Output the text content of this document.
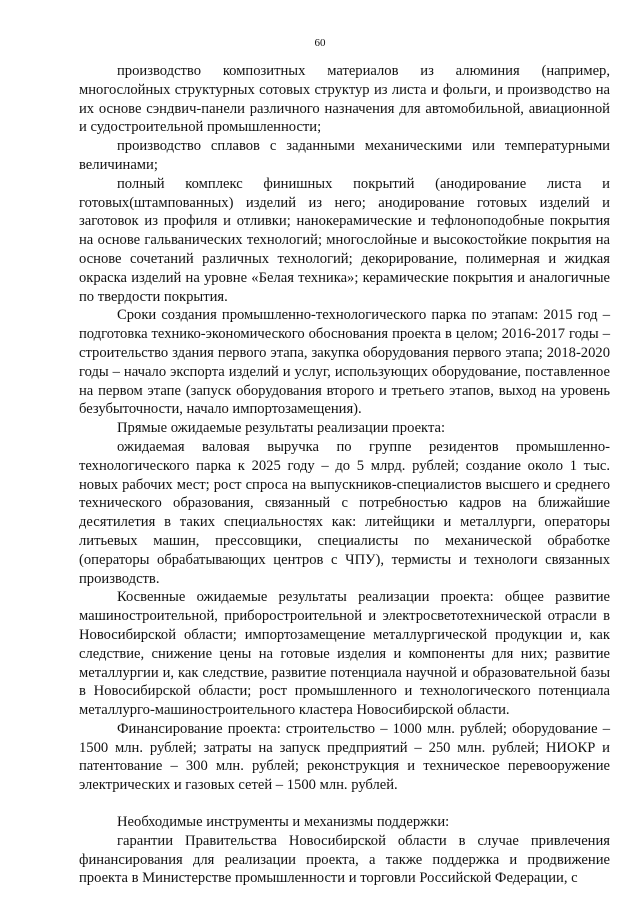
60

производство композитных материалов из алюминия (например, многослойных структурных сотовых структур из листа и фольги, и производство на их основе сэндвич-панели различного назначения для автомобильной, авиационной и судостроительной промышленности;

производство сплавов с заданными механическими или температурными величинами;

полный комплекс финишных покрытий (анодирование листа и готовых(штампованных) изделий из него; анодирование готовых изделий и заготовок из профиля и отливки; нанокерамические и тефлоноподобные покрытия на основе гальванических технологий; многослойные и высокостойкие покрытия на основе сочетаний различных технологий; декорирование, полимерная и жидкая окраска изделий на уровне «Белая техника»; керамические покрытия и аналогичные по твердости покрытия.

Сроки создания промышленно-технологического парка по этапам: 2015 год – подготовка технико-экономического обоснования проекта в целом; 2016-2017 годы – строительство здания первого этапа, закупка оборудования первого этапа; 2018-2020 годы – начало экспорта изделий и услуг, использующих оборудование, поставленное на первом этапе (запуск оборудования второго и третьего этапов, выход на уровень безубыточности, начало импортозамещения).

Прямые ожидаемые результаты реализации проекта:

ожидаемая валовая выручка по группе резидентов промышленно-технологического парка к 2025 году – до 5 млрд. рублей; создание около 1 тыс. новых рабочих мест; рост спроса на выпускников-специалистов высшего и среднего технического образования, связанный с потребностью кадров на ближайшие десятилетия в таких специальностях как: литейщики и металлурги, операторы литьевых машин, прессовщики, специалисты по механической обработке (операторы обрабатывающих центров с ЧПУ), термисты и технологи связанных производств.

Косвенные ожидаемые результаты реализации проекта: общее развитие машиностроительной, приборостроительной и электросветотехнической отрасли в Новосибирской области; импортозамещение металлургической продукции и, как следствие, снижение цены на готовые изделия и компоненты для них; развитие металлургии и, как следствие, развитие потенциала научной и образовательной базы в Новосибирской области; рост промышленного и технологического потенциала металлурго-машиностроительного кластера Новосибирской области.

Финансирование проекта: строительство – 1000 млн. рублей; оборудование – 1500 млн. рублей; затраты на запуск предприятий – 250 млн. рублей; НИОКР и патентование – 300 млн. рублей; реконструкция и техническое перевооружение электрических и газовых сетей – 1500 млн. рублей.

Необходимые инструменты и механизмы поддержки:

гарантии Правительства Новосибирской области в случае привлечения финансирования для реализации проекта, а также поддержка и продвижение проекта в Министерстве промышленности и торговли Российской Федерации, с
